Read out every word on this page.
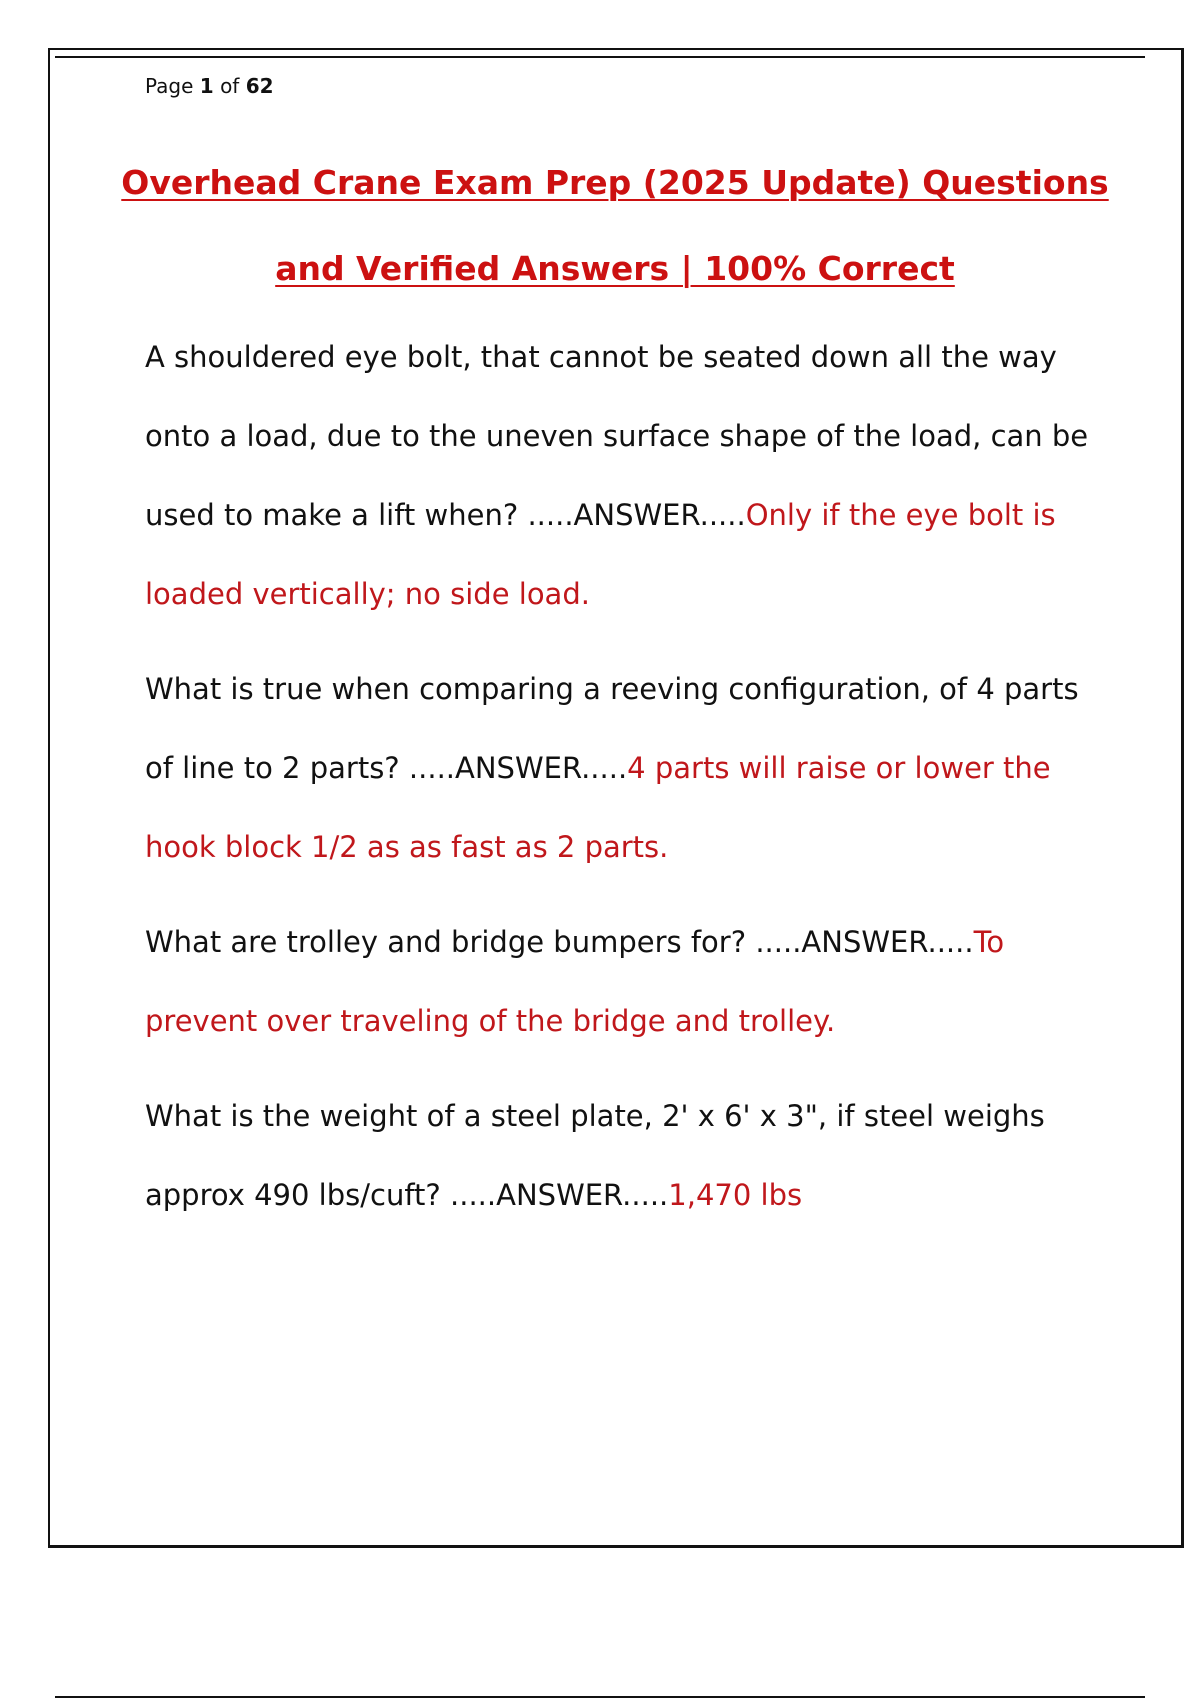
Page 1 of 62
Overhead Crane Exam Prep (2025 Update) Questions
and Verified Answers | 100% Correct

A shouldered eye bolt, that cannot be seated down all the way onto a load, due to the uneven surface shape of the load, can be used to make a lift when? .....ANSWER.....Only if the eye bolt is loaded vertically; no side load.

What is true when comparing a reeving configuration, of 4 parts of line to 2 parts? .....ANSWER.....4 parts will raise or lower the hook block 1/2 as as fast as 2 parts.

What are trolley and bridge bumpers for? .....ANSWER.....To prevent over traveling of the bridge and trolley.

What is the weight of a steel plate, 2' x 6' x 3", if steel weighs approx 490 lbs/cuft? .....ANSWER.....1,470 lbs
